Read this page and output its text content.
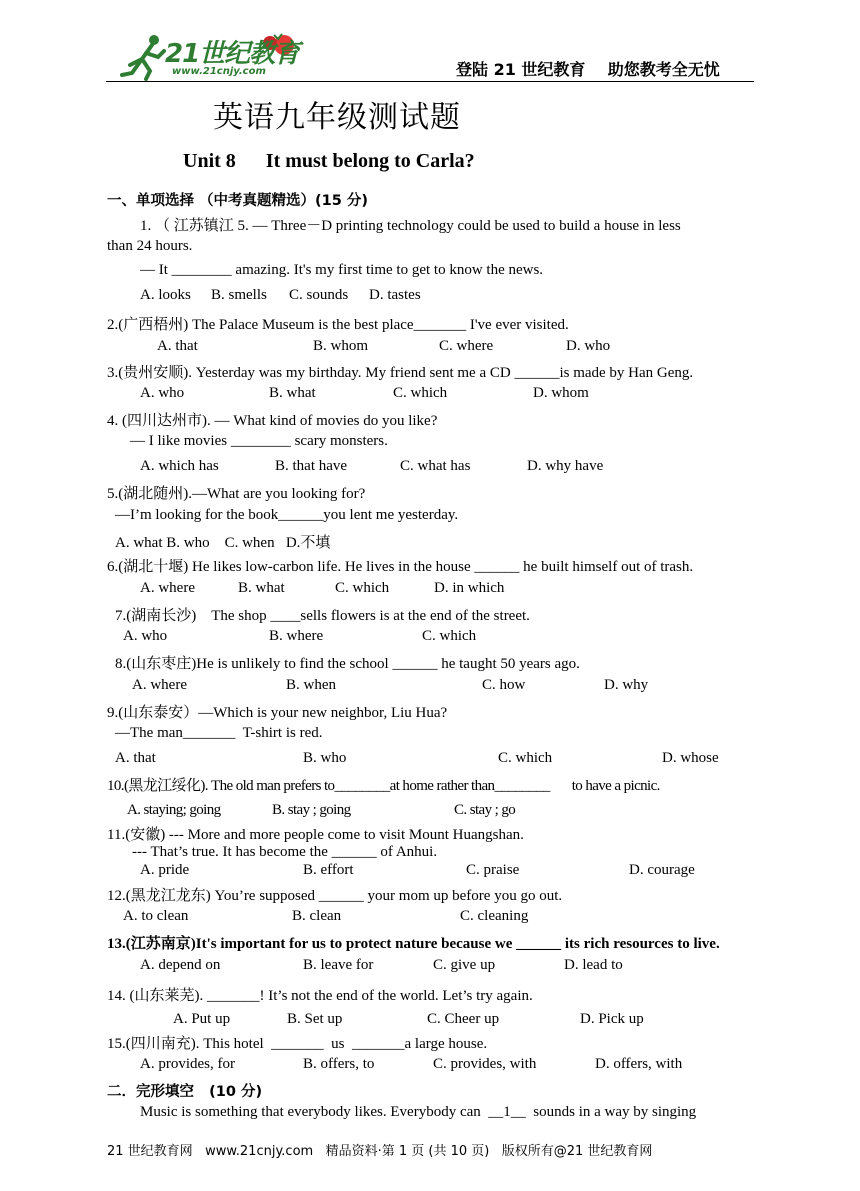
21世纪教育
www.21cnjy.com	登陆 21 世纪教育    助您教考全无忧
英语九年级测试题
Unit 8      It must belong to Carla?
一、单项选择 （中考真题精选）(15 分)
1. （ 江苏镇江 5. — Three－D printing technology could be used to build a house in less
than 24 hours.
— It ________ amazing. It's my first time to get to know the news.
A. looks B. smells C. sounds D. tastes
2.(广西梧州) The Palace Museum is the best place_______ I've ever visited.
A. that	B. whom	C. where	D. who
3.(贵州安顺). Yesterday was my birthday. My friend sent me a CD ______is made by Han Geng.
A. who	B. what	C. which	D. whom
4. (四川达州市). — What kind of movies do you like?
— I like movies ________ scary monsters.
A. which has	B. that have	C. what has	D. why have
5.(湖北随州).—What are you looking for?
—I’m looking for the book______you lent me yesterday.
A. what B. who    C. when   D.不填
6.(湖北十堰) He likes low-carbon life. He lives in the house ______ he built himself out of trash.
A. where	B. what	C. which	D. in which
7.(湖南长沙)    The shop ____sells flowers is at the end of the street.
A. who	B. where	C. which
8.(山东枣庄)He is unlikely to find the school ______ he taught 50 years ago.
A. where	B. when	C. how	D. why
9.(山东泰安）—Which is your new neighbor, Liu Hua?
—The man_______  T-shirt is red.
A. that	B. who	C. which	D. whose
10.(黑龙江绥化). The old man prefers to________at home rather than________       to have a picnic.
A. staying; going	B. stay ; going	C. stay ; go
11.(安徽) --- More and more people come to visit Mount Huangshan.
--- That’s true. It has become the ______ of Anhui.
A. pride	B. effort	C. praise	D. courage
12.(黑龙江龙东) You’re supposed ______ your mom up before you go out.
A. to clean	B. clean	C. cleaning
13.(江苏南京)It's important for us to protect nature because we ______ its rich resources to live.
A. depend on	B. leave for	C. give up	D. lead to
14. (山东莱芜). _______! It’s not the end of the world. Let’s try again.
A. Put up	B. Set up	C. Cheer up	D. Pick up
15.(四川南充). This hotel  _______  us  _______a large house.
A. provides, for	B. offers, to	C. provides, with	D. offers, with
二．完形填空   (10 分)
Music is something that everybody likes. Everybody can  __1__  sounds in a way by singing
21 世纪教育网   www.21cnjy.com   精品资料·第 1 页 (共 10 页)   版权所有@21 世纪教育网
